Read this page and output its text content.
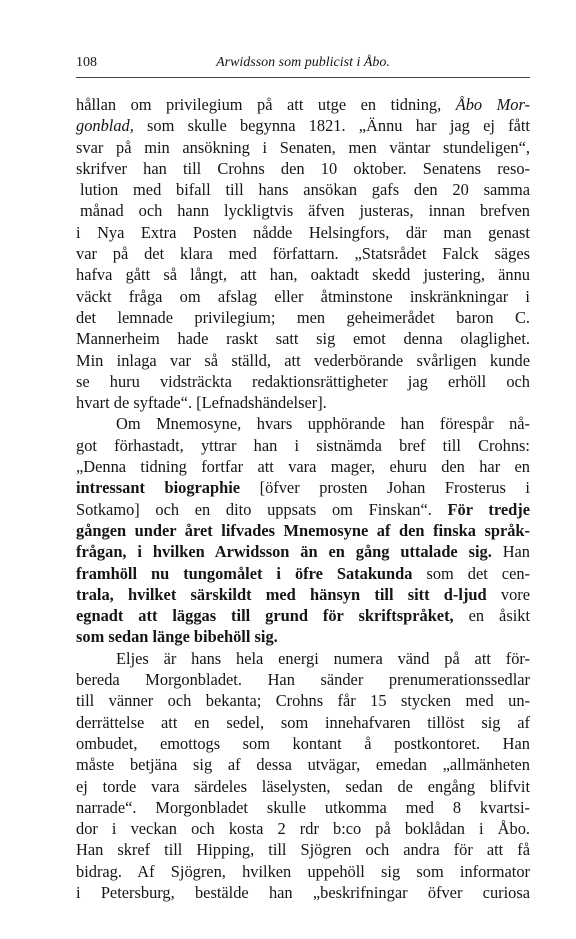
108	Arwidsson som publicist i Åbo.
hållan om privilegium på att utge en tidning, Åbo Mor-
gonblad, som skulle begynna 1821. „Ännu har jag ej fått
svar på min ansökning i Senaten, men väntar stundeligen“,
skrifver han till Crohns den 10 oktober. Senatens reso-
lution med bifall till hans ansökan gafs den 20 samma
månad och hann lyckligtvis äfven justeras, innan brefven
i Nya Extra Posten nådde Helsingfors, där man genast
var på det klara med författarn. „Statsrådet Falck säges
hafva gått så långt, att han, oaktadt skedd justering, ännu
väckt fråga om afslag eller åtminstone inskränkningar i
det lemnade privilegium; men geheimerådet baron C.
Mannerheim hade raskt satt sig emot denna olaglighet.
Min inlaga var så ställd, att vederbörande svårligen kunde
se huru vidsträckta redaktionsrättigheter jag erhöll och
hvart de syftade“. [Lefnadshändelser].
Om Mnemosyne, hvars upphörande han förespår nå-
got förhastadt, yttrar han i sistnämda bref till Crohns:
„Denna tidning fortfar att vara mager, ehuru den har en
intressant biographie [öfver prosten Johan Frosterus i
Sotkamo] och en dito uppsats om Finskan“. För tredje
gången under året lifvades Mnemosyne af den finska språk-
frågan, i hvilken Arwidsson än en gång uttalade sig. Han
framhöll nu tungomålet i öfre Satakunda som det cen-
trala, hvilket särskildt med hänsyn till sitt d-ljud vore
egnadt att läggas till grund för skriftspråket, en åsikt
som sedan länge bibehöll sig.
Eljes är hans hela energi numera vänd på att för-
bereda Morgonbladet. Han sänder prenumerationssedlar
till vänner och bekanta; Crohns får 15 stycken med un-
derrättelse att en sedel, som innehafvaren tillöst sig af
ombudet, emottogs som kontant å postkontoret. Han
måste betjäna sig af dessa utvägar, emedan „allmänheten
ej torde vara särdeles läselysten, sedan de engång blifvit
narrade“. Morgonbladet skulle utkomma med 8 kvartsi-
dor i veckan och kosta 2 rdr b:co på boklådan i Åbo.
Han skref till Hipping, till Sjögren och andra för att få
bidrag. Af Sjögren, hvilken uppehöll sig som informator
i Petersburg, bestälde han „beskrifningar öfver curiosa
